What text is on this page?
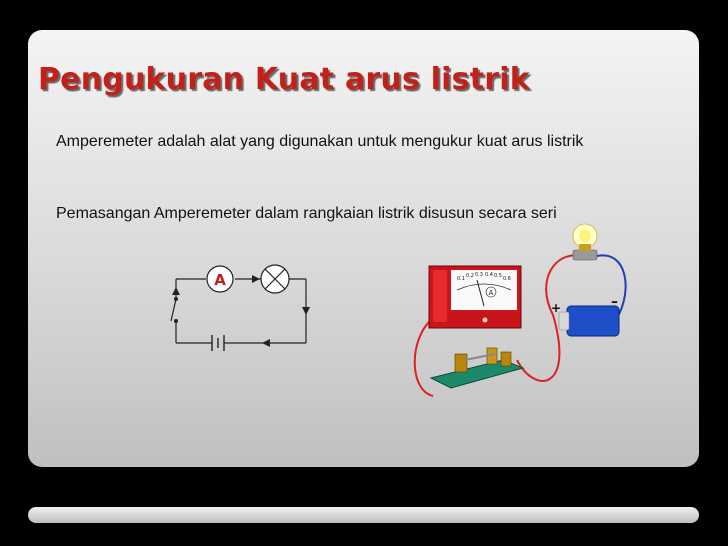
Pengukuran Kuat arus listrik

Amperemeter adalah alat yang digunakan untuk mengukur kuat arus listrik

Pemasangan Amperemeter dalam rangkaian listrik disusun secara seri

A	0.1 0.2 0.3 0.4 0.5 0.6
A
+	–
